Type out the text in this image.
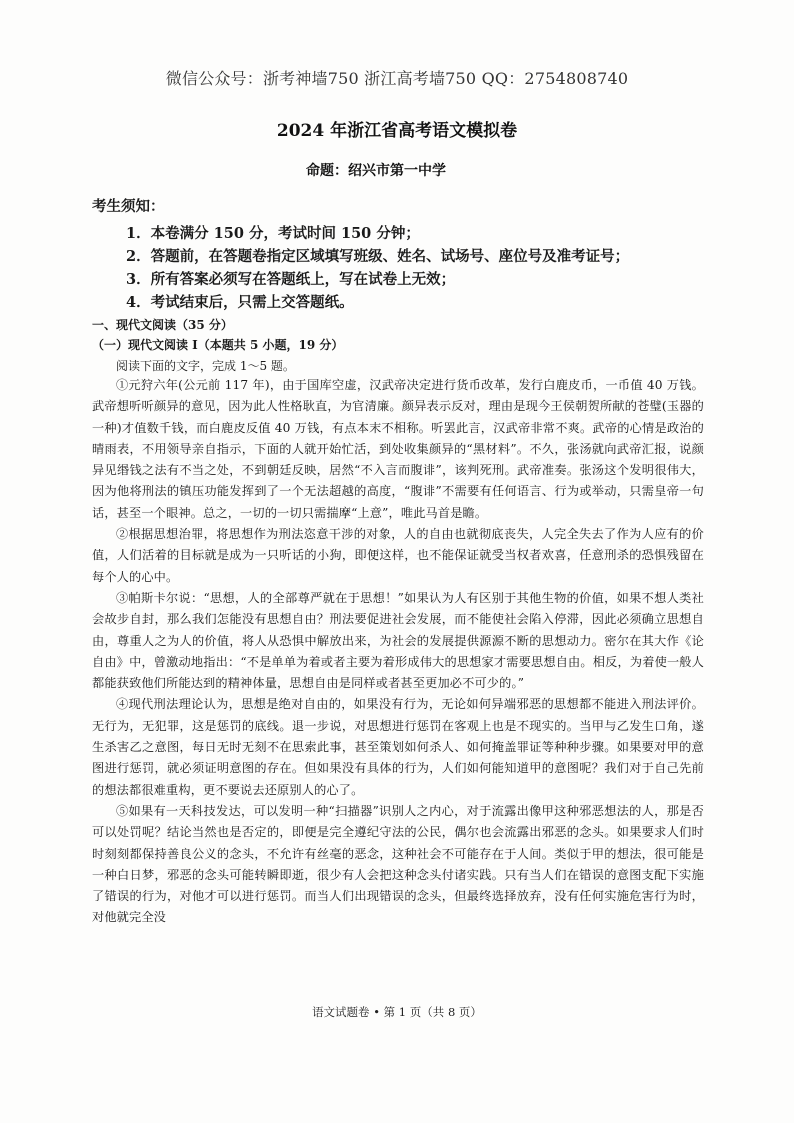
微信公众号：浙考神墙750 浙江高考墙750 QQ：2754808740
2024 年浙江省高考语文模拟卷
命题：绍兴市第一中学
考生须知：
1．本卷满分 150 分，考试时间 150 分钟；
2．答题前，在答题卷指定区域填写班级、姓名、试场号、座位号及准考证号；
3．所有答案必须写在答题纸上，写在试卷上无效；
4．考试结束后，只需上交答题纸。
一、现代文阅读（35 分）
（一）现代文阅读 I（本题共 5 小题，19 分）
阅读下面的文字，完成 1～5 题。

①元狩六年(公元前 117 年)，由于国库空虚，汉武帝决定进行货币改革，发行白鹿皮币，一币值 40 万钱。武帝想听听颜异的意见，因为此人性格耿直，为官清廉。颜异表示反对，理由是现今王侯朝贺所献的苍璧(玉器的一种)才值数千钱，而白鹿皮反值 40 万钱，有点本末不相称。听罢此言，汉武帝非常不爽。武帝的心情是政治的晴雨表，不用领导亲自指示，下面的人就开始忙活，到处收集颜异的“黑材料”。不久，张汤就向武帝汇报，说颜异见缗钱之法有不当之处，不到朝廷反映，居然“不入言而腹诽”，该判死刑。武帝准奏。张汤这个发明很伟大，因为他将刑法的镇压功能发挥到了一个无法超越的高度，“腹诽”不需要有任何语言、行为或举动，只需皇帝一句话，甚至一个眼神。总之，一切的一切只需揣摩“上意”，唯此马首是瞻。

②根据思想治罪，将思想作为刑法恣意干涉的对象，人的自由也就彻底丧失，人完全失去了作为人应有的价值，人们活着的目标就是成为一只听话的小狗，即便这样，也不能保证就受当权者欢喜，任意刑杀的恐惧残留在每个人的心中。

③帕斯卡尔说：“思想，人的全部尊严就在于思想！”如果认为人有区别于其他生物的价值，如果不想人类社会故步自封，那么我们怎能没有思想自由？刑法要促进社会发展，而不能使社会陷入停滞，因此必须确立思想自由，尊重人之为人的价值，将人从恐惧中解放出来，为社会的发展提供源源不断的思想动力。密尔在其大作《论自由》中，曾激动地指出：“不是单单为着或者主要为着形成伟大的思想家才需要思想自由。相反，为着使一般人都能获致他们所能达到的精神体量，思想自由是同样或者甚至更加必不可少的。”

④现代刑法理论认为，思想是绝对自由的，如果没有行为，无论如何异端邪恶的思想都不能进入刑法评价。无行为，无犯罪，这是惩罚的底线。退一步说，对思想进行惩罚在客观上也是不现实的。当甲与乙发生口角，遂生杀害乙之意图，每日无时无刻不在思索此事，甚至策划如何杀人、如何掩盖罪证等种种步骤。如果要对甲的意图进行惩罚，就必须证明意图的存在。但如果没有具体的行为，人们如何能知道甲的意图呢？我们对于自己先前的想法都很难重构，更不要说去还原别人的心了。

⑤如果有一天科技发达，可以发明一种“扫描器”识别人之内心，对于流露出像甲这种邪恶想法的人，那是否可以处罚呢？结论当然也是否定的，即便是完全遵纪守法的公民，偶尔也会流露出邪恶的念头。如果要求人们时时刻刻都保持善良公义的念头，不允许有丝毫的恶念，这种社会不可能存在于人间。类似于甲的想法，很可能是一种白日梦，邪恶的念头可能转瞬即逝，很少有人会把这种念头付诸实践。只有当人们在错误的意图支配下实施了错误的行为，对他才可以进行惩罚。而当人们出现错误的念头，但最终选择放弃，没有任何实施危害行为时，对他就完全没

语文试题卷 • 第 1 页（共 8 页）
